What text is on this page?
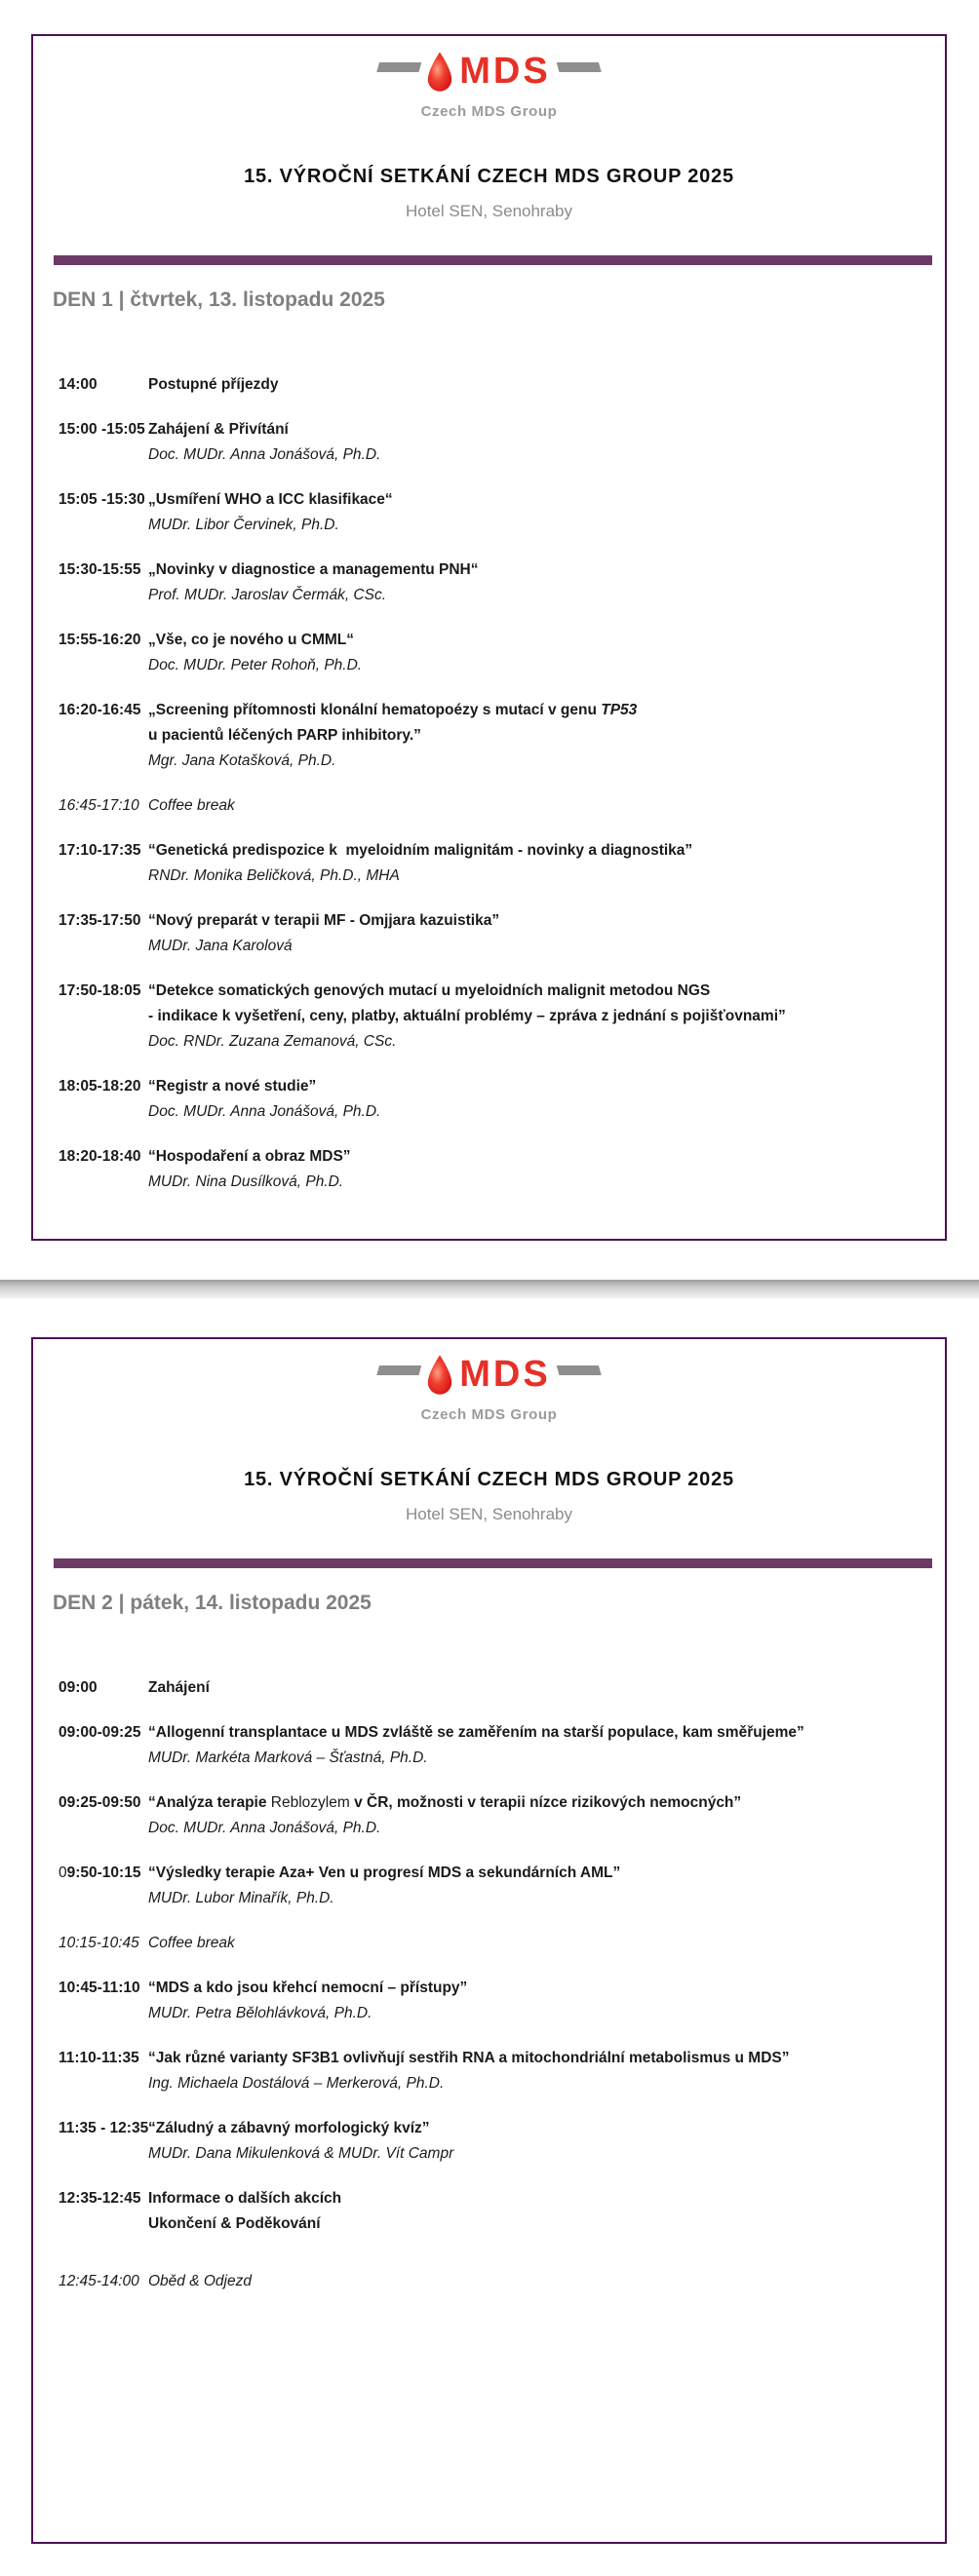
MDS
Czech MDS Group
15. VÝROČNÍ SETKÁNÍ CZECH MDS GROUP 2025
Hotel SEN, Senohraby
DEN 1 | čtvrtek, 13. listopadu 2025
14:00	Postupné příjezdy
15:00 -15:05 Zahájení & Přivítání
Doc. MUDr. Anna Jonášová, Ph.D.
15:05 -15:30 „Usmíření WHO a ICC klasifikace“
MUDr. Libor Červinek, Ph.D.
15:30-15:55 „Novinky v diagnostice a managementu PNH“
Prof. MUDr. Jaroslav Čermák, CSc.
15:55-16:20 „Vše, co je nového u CMML“
Doc. MUDr. Peter Rohoň, Ph.D.
16:20-16:45 „Screening přítomnosti klonální hematopoézy s mutací v genu TP53
u pacientů léčených PARP inhibitory.”
Mgr. Jana Kotašková, Ph.D.
16:45-17:10 Coffee break
17:10-17:35 “Genetická predispozice k  myeloidním malignitám - novinky a diagnostika”
RNDr. Monika Beličková, Ph.D., MHA
17:35-17:50 “Nový preparát v terapii MF - Omjjara kazuistika”
MUDr. Jana Karolová
17:50-18:05 “Detekce somatických genových mutací u myeloidních malignit metodou NGS
- indikace k vyšetření, ceny, platby, aktuální problémy – zpráva z jednání s pojišťovnami”
Doc. RNDr. Zuzana Zemanová, CSc.
18:05-18:20 “Registr a nové studie”
Doc. MUDr. Anna Jonášová, Ph.D.
18:20-18:40 “Hospodaření a obraz MDS”
MUDr. Nina Dusílková, Ph.D.
MDS
Czech MDS Group
15. VÝROČNÍ SETKÁNÍ CZECH MDS GROUP 2025
Hotel SEN, Senohraby
DEN 2 | pátek, 14. listopadu 2025
09:00	Zahájení
09:00-09:25 “Allogenní transplantace u MDS zvláště se zaměřením na starší populace, kam směřujeme”
MUDr. Markéta Marková – Šťastná, Ph.D.
09:25-09:50 “Analýza terapie Reblozylem v ČR, možnosti v terapii nízce rizikových nemocných”
Doc. MUDr. Anna Jonášová, Ph.D.
09:50-10:15 “Výsledky terapie Aza+ Ven u progresí MDS a sekundárních AML”
MUDr. Lubor Minařík, Ph.D.
10:15-10:45 Coffee break
10:45-11:10 “MDS a kdo jsou křehcí nemocní – přístupy”
MUDr. Petra Bělohlávková, Ph.D.
11:10-11:35 “Jak různé varianty SF3B1 ovlivňují sestřih RNA a mitochondriální metabolismus u MDS”
Ing. Michaela Dostálová – Merkerová, Ph.D.
11:35 - 12:35 “Záludný a zábavný morfologický kvíz”
MUDr. Dana Mikulenková & MUDr. Vít Campr
12:35-12:45 Informace o dalších akcích
Ukončení & Poděkování
12:45-14:00 Oběd & Odjezd
